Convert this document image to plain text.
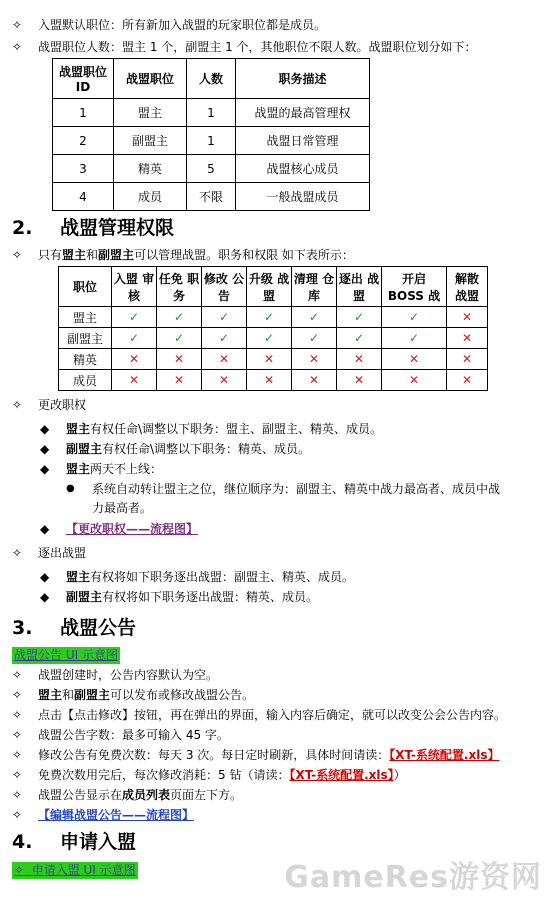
✧ 入盟默认职位：所有新加入战盟的玩家职位都是成员。
✧ 战盟职位人数：盟主 1 个，副盟主 1 个，其他职位不限人数。战盟职位划分如下：
战盟职位 ID	战盟职位	人数	职务描述
1	盟主	1	战盟的最高管理权
2	副盟主	1	战盟日常管理
3	精英	5	战盟核心成员
4	成员	不限	一般战盟成员
2. 战盟管理权限
✧ 只有盟主和副盟主可以管理战盟。职务和权限 如下表所示：
职位	入盟 审核	任免 职务	修改 公告	升级 战盟	清理 仓库	逐出 战盟	开启 BOSS 战	解散 战盟
盟主	✓	✓	✓	✓	✓	✓	✓	✕
副盟主	✓	✓	✓	✓	✓	✓	✓	✕
精英	✕	✕	✕	✕	✕	✕	✕	✕
成员	✕	✕	✕	✕	✕	✕	✕	✕
✧ 更改职权
◆ 盟主有权任命\调整以下职务：盟主、副盟主、精英、成员。
◆ 副盟主有权任命\调整以下职务：精英、成员。
◆ 盟主两天不上线：
● 系统自动转让盟主之位，继位顺序为：副盟主、精英中战力最高者、成员中战
力最高者。
◆ 【更改职权——流程图】
✧ 逐出战盟
◆ 盟主有权将如下职务逐出战盟：副盟主、精英、成员。
◆ 副盟主有权将如下职务逐出战盟：精英、成员。
3. 战盟公告
战盟公告 UI 示意图
✧ 战盟创建时，公告内容默认为空。
✧ 盟主和副盟主可以发布或修改战盟公告。
✧ 点击【点击修改】按钮，再在弹出的界面，输入内容后确定，就可以改变公会公告内容。
✧ 战盟公告字数：最多可输入 45 字。
✧ 修改公告有免费次数：每天 3 次。每日定时刷新，具体时间请读：【XT-系统配置.xls】
✧ 免费次数用完后，每次修改消耗：5 钻（请读：【XT-系统配置.xls】）
✧ 战盟公告显示在成员列表页面左下方。
✧ 【编辑战盟公告——流程图】
4. 申请入盟
✧ 申请入盟 UI 示意图	GameRes游资网
